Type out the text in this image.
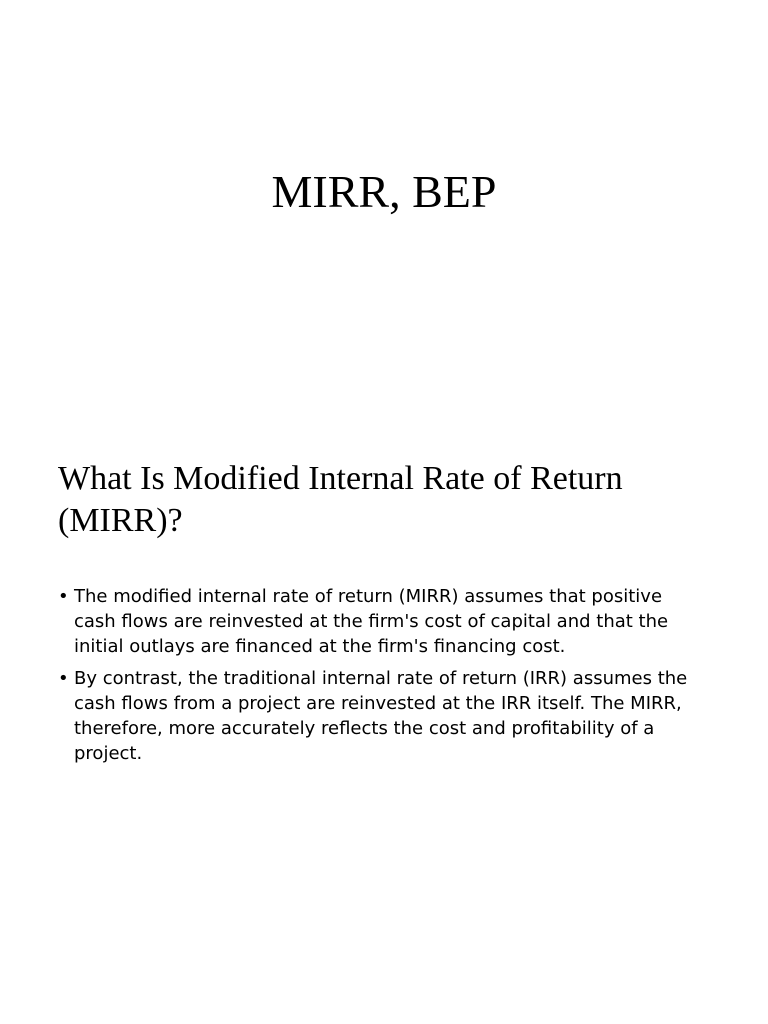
MIRR, BEP
What Is Modified Internal Rate of Return (MIRR)?
• The modified internal rate of return (MIRR) assumes that positive cash flows are reinvested at the firm's cost of capital and that the initial outlays are financed at the firm's financing cost.
• By contrast, the traditional internal rate of return (IRR) assumes the cash flows from a project are reinvested at the IRR itself. The MIRR, therefore, more accurately reflects the cost and profitability of a project.
